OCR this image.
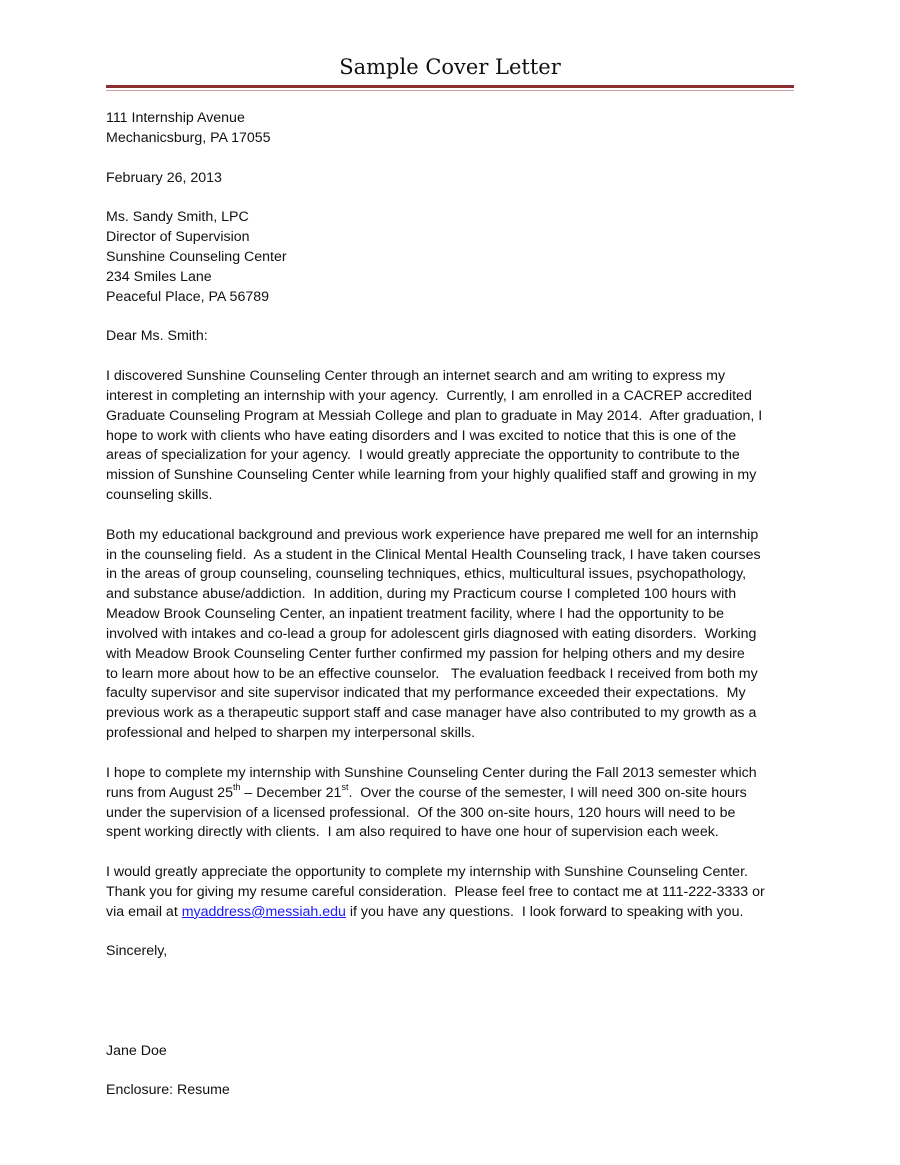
Sample Cover Letter
111 Internship Avenue
Mechanicsburg, PA 17055
February 26, 2013
Ms. Sandy Smith, LPC
Director of Supervision
Sunshine Counseling Center
234 Smiles Lane
Peaceful Place, PA 56789
Dear Ms. Smith:
I discovered Sunshine Counseling Center through an internet search and am writing to express my
interest in completing an internship with your agency.  Currently, I am enrolled in a CACREP accredited
Graduate Counseling Program at Messiah College and plan to graduate in May 2014.  After graduation, I
hope to work with clients who have eating disorders and I was excited to notice that this is one of the
areas of specialization for your agency.  I would greatly appreciate the opportunity to contribute to the
mission of Sunshine Counseling Center while learning from your highly qualified staff and growing in my
counseling skills.
Both my educational background and previous work experience have prepared me well for an internship
in the counseling field.  As a student in the Clinical Mental Health Counseling track, I have taken courses
in the areas of group counseling, counseling techniques, ethics, multicultural issues, psychopathology,
and substance abuse/addiction.  In addition, during my Practicum course I completed 100 hours with
Meadow Brook Counseling Center, an inpatient treatment facility, where I had the opportunity to be
involved with intakes and co-lead a group for adolescent girls diagnosed with eating disorders.  Working
with Meadow Brook Counseling Center further confirmed my passion for helping others and my desire
to learn more about how to be an effective counselor.   The evaluation feedback I received from both my
faculty supervisor and site supervisor indicated that my performance exceeded their expectations.  My
previous work as a therapeutic support staff and case manager have also contributed to my growth as a
professional and helped to sharpen my interpersonal skills.
I hope to complete my internship with Sunshine Counseling Center during the Fall 2013 semester which
runs from August 25th – December 21st.  Over the course of the semester, I will need 300 on-site hours
under the supervision of a licensed professional.  Of the 300 on-site hours, 120 hours will need to be
spent working directly with clients.  I am also required to have one hour of supervision each week.
I would greatly appreciate the opportunity to complete my internship with Sunshine Counseling Center.
Thank you for giving my resume careful consideration.  Please feel free to contact me at 111-222-3333 or
via email at myaddress@messiah.edu if you have any questions.  I look forward to speaking with you.
Sincerely,
Jane Doe
Enclosure: Resume
